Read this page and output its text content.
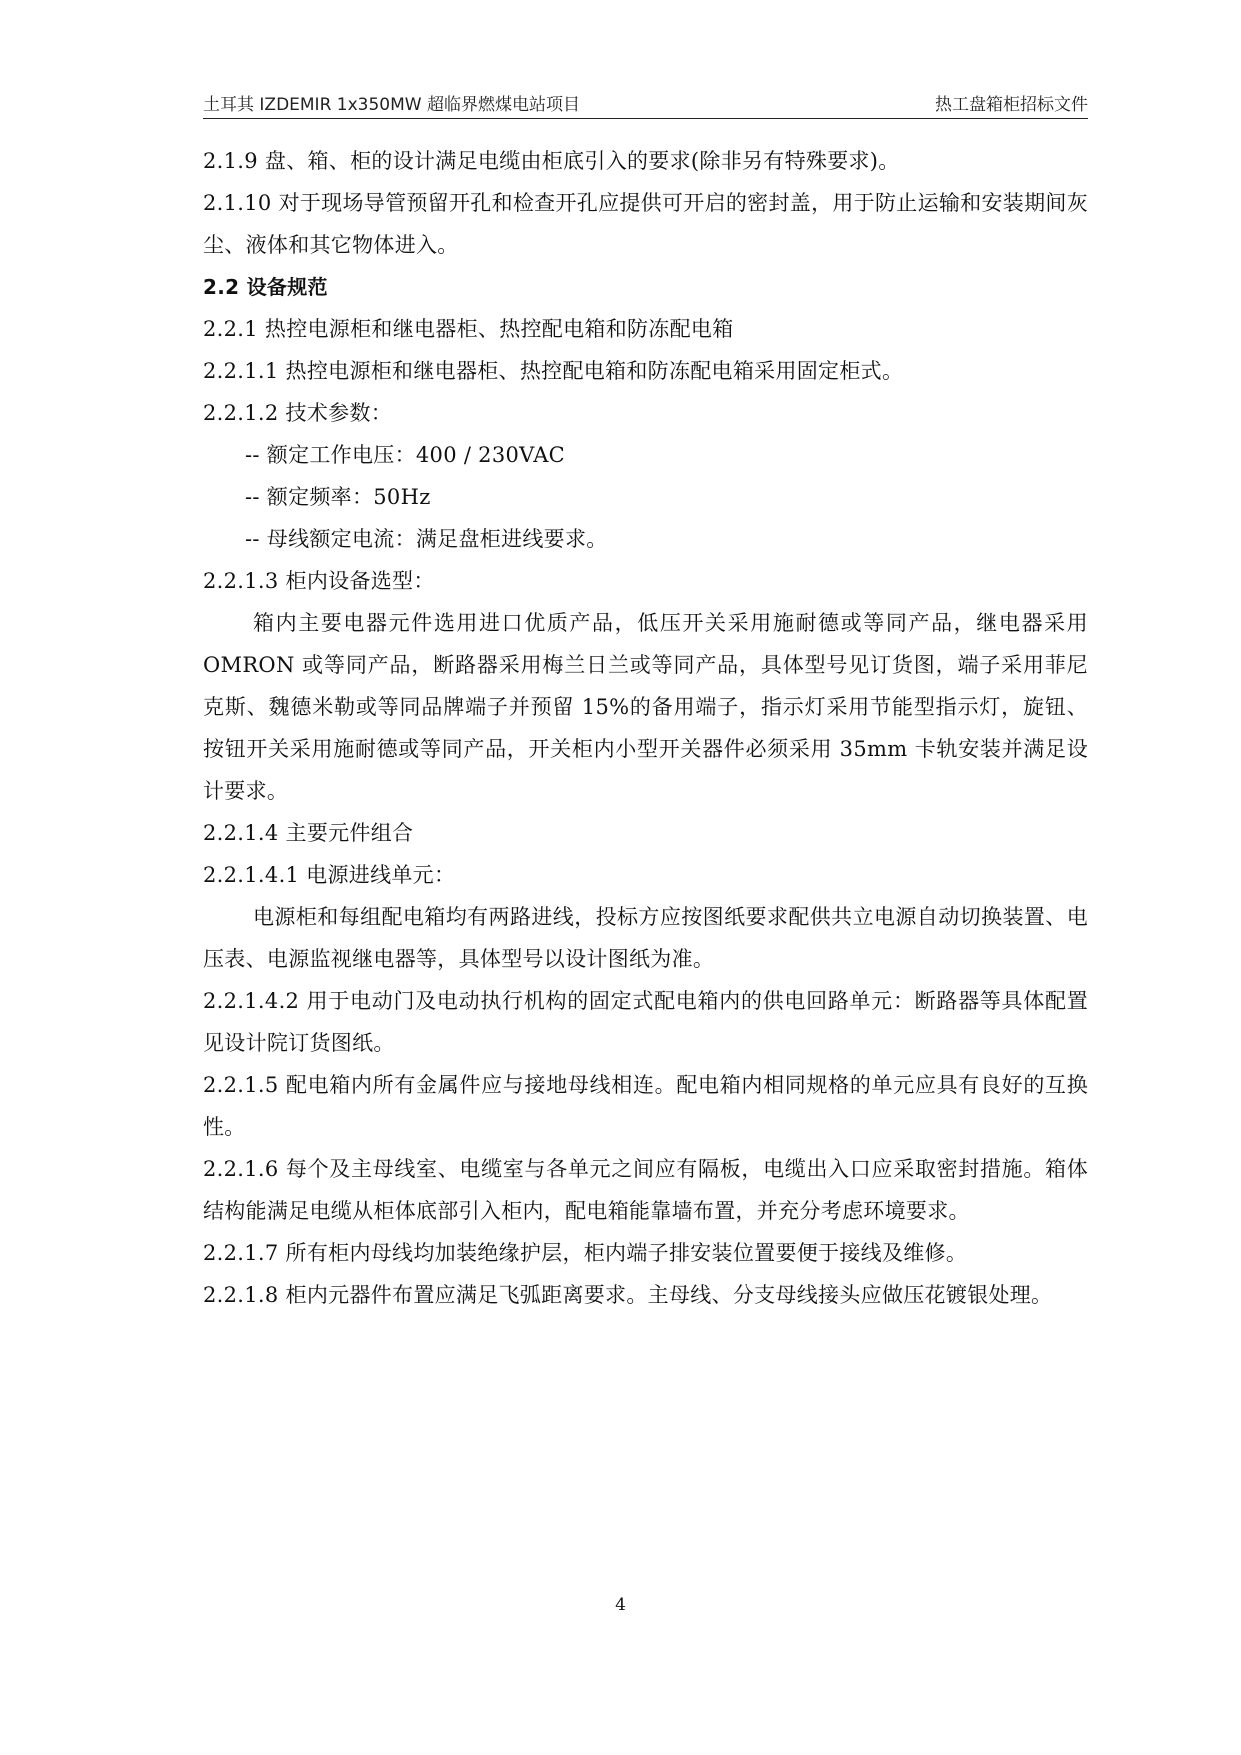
土耳其 IZDEMIR 1x350MW 超临界燃煤电站项目	热工盘箱柜招标文件

2.1.9 盘、箱、柜的设计满足电缆由柜底引入的要求(除非另有特殊要求)。

2.1.10 对于现场导管预留开孔和检查开孔应提供可开启的密封盖，用于防止运输和安装期间灰尘、液体和其它物体进入。

2.2 设备规范

2.2.1 热控电源柜和继电器柜、热控配电箱和防冻配电箱

2.2.1.1 热控电源柜和继电器柜、热控配电箱和防冻配电箱采用固定柜式。

2.2.1.2 技术参数：

-- 额定工作电压：400 / 230VAC

-- 额定频率：50Hz

-- 母线额定电流：满足盘柜进线要求。

2.2.1.3 柜内设备选型：

箱内主要电器元件选用进口优质产品，低压开关采用施耐德或等同产品，继电器采用 OMRON 或等同产品，断路器采用梅兰日兰或等同产品，具体型号见订货图，端子采用菲尼克斯、魏德米勒或等同品牌端子并预留 15%的备用端子，指示灯采用节能型指示灯，旋钮、按钮开关采用施耐德或等同产品，开关柜内小型开关器件必须采用 35mm 卡轨安装并满足设计要求。

2.2.1.4 主要元件组合

2.2.1.4.1 电源进线单元：

电源柜和每组配电箱均有两路进线，投标方应按图纸要求配供共立电源自动切换装置、电压表、电源监视继电器等，具体型号以设计图纸为准。

2.2.1.4.2 用于电动门及电动执行机构的固定式配电箱内的供电回路单元：断路器等具体配置见设计院订货图纸。

2.2.1.5 配电箱内所有金属件应与接地母线相连。配电箱内相同规格的单元应具有良好的互换性。

2.2.1.6 每个及主母线室、电缆室与各单元之间应有隔板，电缆出入口应采取密封措施。箱体结构能满足电缆从柜体底部引入柜内，配电箱能靠墙布置，并充分考虑环境要求。

2.2.1.7 所有柜内母线均加装绝缘护层，柜内端子排安装位置要便于接线及维修。

2.2.1.8 柜内元器件布置应满足飞弧距离要求。主母线、分支母线接头应做压花镀银处理。

4
